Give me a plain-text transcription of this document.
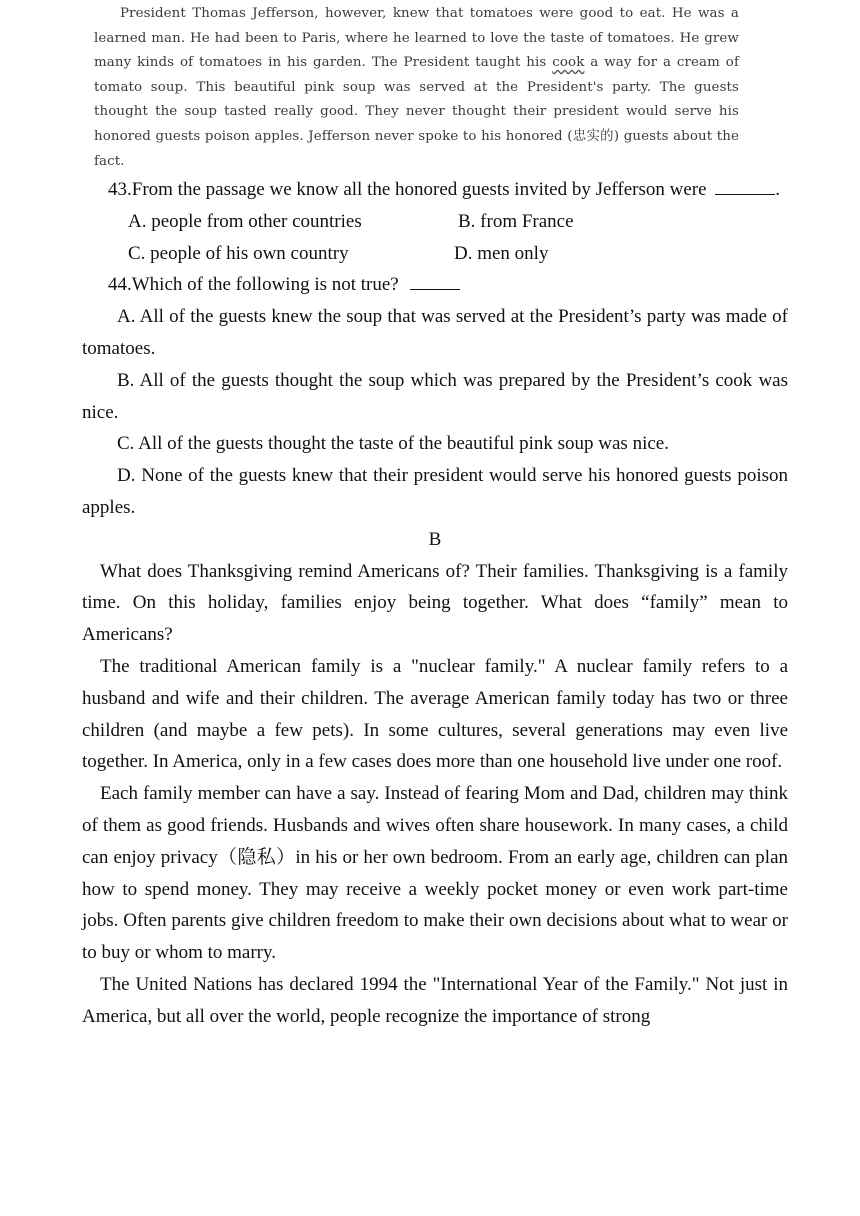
President Thomas Jefferson, however, knew that tomatoes were good to eat. He was a learned man. He had been to Paris, where he learned to love the taste of tomatoes. He grew many kinds of tomatoes in his garden. The President taught his cook a way for a cream of tomato soup. This beautiful pink soup was served at the President's party. The guests thought the soup tasted really good. They never thought their president would serve his honored guests poison apples. Jefferson never spoke to his honored (忠实的) guests about the fact.

43.From the passage we know all the honored guests invited by Jefferson were	.

A. people from other countries	B. from France
C. people of his own country	D. men only

44.Which of the following is not true?

A. All of the guests knew the soup that was served at the President’s party was made of tomatoes.

B. All of the guests thought the soup which was prepared by the President’s cook was nice.

C. All of the guests thought the taste of the beautiful pink soup was nice.

D. None of the guests knew that their president would serve his honored guests poison apples.

B

What does Thanksgiving remind Americans of? Their families. Thanksgiving is a family time. On this holiday, families enjoy being together. What does “family” mean to Americans?

The traditional American family is a "nuclear family." A nuclear family refers to a husband and wife and their children. The average American family today has two or three children (and maybe a few pets). In some cultures, several generations may even live together. In America, only in a few cases does more than one household live under one roof.

Each family member can have a say. Instead of fearing Mom and Dad, children may think of them as good friends. Husbands and wives often share housework. In many cases, a child can enjoy privacy（隐私）in his or her own bedroom. From an early age, children can plan how to spend money. They may receive a weekly pocket money or even work part-time jobs. Often parents give children freedom to make their own decisions about what to wear or to buy or whom to marry.

The United Nations has declared 1994 the "International Year of the Family." Not just in America, but all over the world, people recognize the importance of strong
